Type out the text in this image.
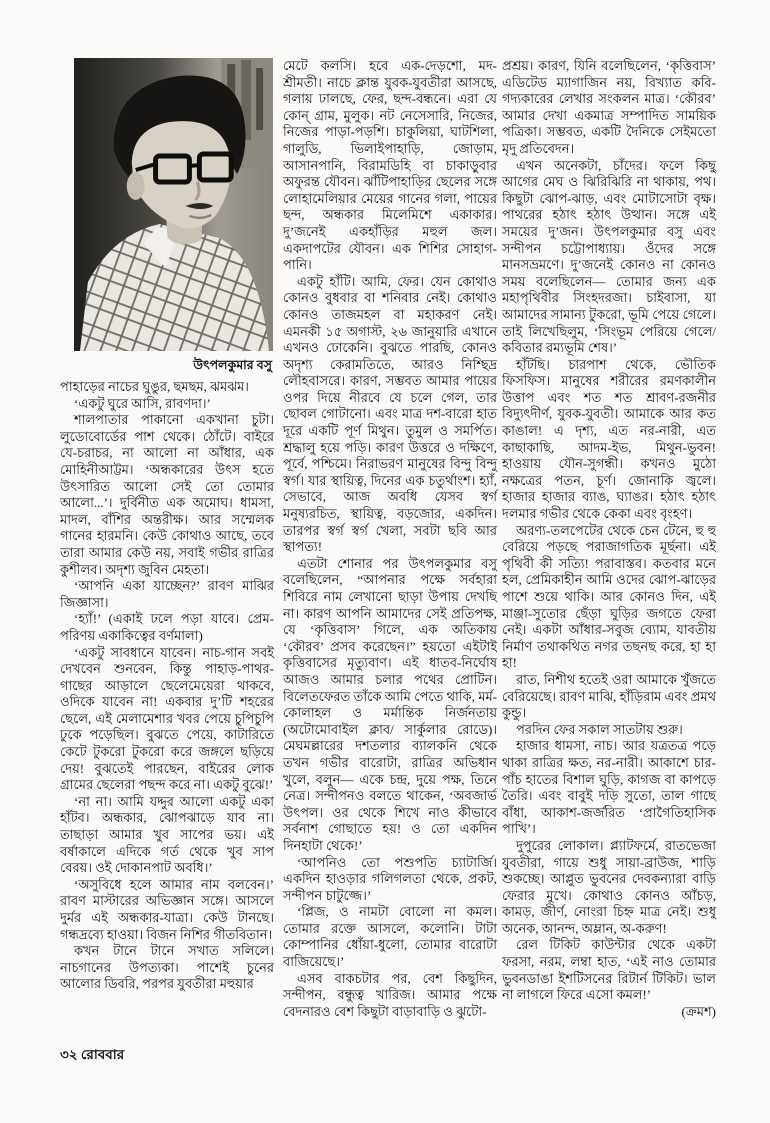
উৎপলকুমার বসু

পাহাড়ের নাচের ঘুঙুর, ছমছম, ঝমঝম।

‘একটু ঘুরে আসি, রাবণদা।’

শালপাতার পাকানো একখানা চুটা। লুডোবোর্ডের পাশ থেকে। ঠোঁটে। বাইরে যে-চরাচর, না আলো না আঁধার, এক মোহিনীআট্টম। ‘অন্ধকারের উৎস হতে উৎসারিত আলো সেই তো তোমার আলো...’। দুর্বিনীত এক অমোঘ। ধামসা, মাদল, বাঁশির অন্তরীক্ষ। আর সম্মেলক গানের হারমনি। কেউ কোথাও আছে, তবে তারা আমার কেউ নয়, সবাই গভীর রাত্রির কুশীলব। অদৃশ্য জুবিন মেহতা।

‘আপনি একা যাচ্ছেন?’ রাবণ মাঝির জিজ্ঞাসা।

‘হ্যাঁ!’ (একাই ঢলে পড়া যাবে। প্রেম-পরিণয় একাকিত্বের বর্ণমালা)

‘একটু সাবধানে যাবেন। নাচ-গান সবই দেখবেন শুনবেন, কিন্তু পাহাড়-পাথর-গাছের আড়ালে ছেলেমেয়েরা থাকবে, ওদিকে যাবেন না! একবার দু’টি শহরের ছেলে, এই মেলামেশার খবর পেয়ে চুপিচুপি ঢুকে পড়েছিল। বুঝতে পেয়ে, কাটারিতে কেটে টুকরো টুকরো করে জঙ্গলে ছড়িয়ে দেয়! বুঝতেই পারছেন, বাইরের লোক গ্রামের ছেলেরা পছন্দ করে না। একটু বুঝে!’

‘না না। আমি যদ্দুর আলো একটু একা হাঁটব। অন্ধকার, ঝোপঝাড়ে যাব না। তাছাড়া আমার খুব সাপের ভয়। এই বর্ষাকালে এদিকে গর্ত থেকে খুব সাপ বেরয়। ওই দোকানপাট অবধি।’

‘অসুবিধে হলে আমার নাম বলবেন।’ রাবণ মাস্টারের অভিজ্ঞান সঙ্গে। আসলে দুর্মর এই অন্ধকার-যাত্রা। কেউ টানছে। গন্ধদ্রব্যে হাওয়া। বিজন নিশির গীতবিতান।

কখন টানে টানে সখাত সলিলে। নাচগানের উপত্যকা। পাশেই চুনের আলোর ডিবরি, পরপর যুবতীরা মহুয়ার

মেটে কলসি। হবে এক-দেড়শো, মদ-শ্রীমতী। নাচে ক্লান্ত যুবক-যুবতীরা আসছে, গলায় ঢালছে, ফের, ছন্দ-বন্ধনে। এরা যে কোন্ গ্রাম, মুলুক। নট নেসেসারি, নিজের, নিজের পাড়া-পড়শি। চাকুলিয়া, ঘাটশিলা, গালুডি, ভিলাইপাহাড়ি, জোড়াম, আসানপানি, বিরামডিহি বা চাকাড়ুবার অফুরন্ত যৌবন। ঝাঁটিপাহাড়ির ছেলের সঙ্গে লোহামেলিয়ার মেয়ের গানের গলা, পায়ের ছন্দ, অন্ধকার মিলেমিশে একাকার। দু’জনেই একহাঁড়ির মহুল জল। একদাপটের যৌবন। এক শিশির সোহাগ-পানি।

একটু হাঁটি। আমি, ফের। যেন কোথাও কোনও বুধবার বা শনিবার নেই। কোথাও কোনও তাজমহল বা মহাকরণ নেই। এমনকী ১৫ অগাস্ট, ২৬ জানুয়ারি এখানে এখনও ঢোকেনি। বুঝতে পারছি, কোনও অদৃশ্য কেরামতিতে, আরও নিশ্ছিদ্র লৌহবাসরে। কারণ, সম্ভবত আমার পায়ের ওপর দিয়ে নীরবে যে চলে গেল, তার ছোবল গোটানো। এবং মাত্র দশ-বারো হাত দূরে একটি পূর্ণ মিথুন। তুমুল ও সমর্পিত। শ্রদ্ধালু হয়ে পড়ি। কারণ উত্তরে ও দক্ষিণে, পূর্বে, পশ্চিমে। নিরাভরণ মানুষের বিন্দু বিন্দু স্বর্গ। যার স্থায়িত্ব, দিনের এক চতুর্থাংশ। হ্যাঁ, সেভাবে, আজ অবধি যেসব স্বর্গ মনুষ্যরচিত, স্থায়িত্ব, বড়জোর, একদিন। তারপর স্বর্গ স্বর্গ খেলা, সবটা ছবি আর স্থাপত্য!

এতটা শোনার পর উৎপলকুমার বসু বলেছিলেন, “আপনার পক্ষে সর্বহারা শিবিরে নাম লেখানো ছাড়া উপায় দেখছি না। কারণ আপনি আমাদের সেই প্রতিপক্ষ, যে ‘কৃত্তিবাস’ গিলে, এক অতিকায় ‘কৌরব’ প্রসব করেছেন।” হয়তো এইটাই কৃত্তিবাসের মৃত্যুবাণ। এই ধাতব-নির্ঘোষ আজও আমার চলার পথের প্রোটিন। বিলেতফেরত তাঁকে আমি পেতে থাকি, মর্ম-কোলাহল ও মর্মান্তিক নির্জনতায় (অটোমোবাইল ক্লাব/ সার্কুলার রোডে)। মেঘমল্লারের দশতলার ব্যালকনি থেকে তখন গভীর বারোটা, রাত্রির অভিধান খুলে, বলুন— একে চন্দ্র, দুয়ে পক্ষ, তিনে নেত্র। সন্দীপনও বলতে থাকেন, ‘অবজার্ভ উৎপল। ওর থেকে শিখে নাও কীভাবে সর্বনাশ গোছাতে হয়! ও তো একদিন দিনহাটা থেকে!’

‘আপনিও তো পশুপতি চ্যাটার্জি। একদিন হাওড়ার গলিগলতা থেকে, প্রকট, সন্দীপন চাটুজ্জে।’

‘প্লিজ, ও নামটা বোলো না কমল। তোমার রক্তে আসলে, কলোনি। টাটা কোম্পানির ধোঁয়া-ধুলো, তোমার বারোটা বাজিয়েছে।’

এসব বাকচটার পর, বেশ কিছুদিন, সন্দীপন, বন্ধুত্ব খারিজ। আমার পক্ষে বেদনারও বেশ কিছুটা বাড়াবাড়ি ও ঝুটো-

প্রশ্রয়। কারণ, যিনি বলেছিলেন, ‘কৃত্তিবাস’ এডিটেড ম্যাগাজিন নয়, বিখ্যাত কবি-গদ্যকারের লেখার সংকলন মাত্র। ‘কৌরব’ আমার দেখা একমাত্র সম্পাদিত সাময়িক পত্রিকা। সম্ভবত, একটি দৈনিকে সেইমতো মৃদু প্রতিবেদন।

এখন অনেকটা, চাঁদের। ফলে কিছু আগের মেঘ ও ঝিরিঝিরি না থাকায়, পথ। কিছুটা ঝোপ-ঝাড়, এবং মোটাসোটা বৃক্ষ। পাথরের হঠাৎ হঠাৎ উত্থান। সঙ্গে এই সময়ের দু’জন। উৎপলকুমার বসু এবং সন্দীপন চট্টোপাধ্যায়। ওঁদের সঙ্গে মানসভ্রমণে। দু’জনেই কোনও না কোনও সময় বলেছিলেন— তোমার জন্য এক মহাপৃথিবীর সিংহদরজা। চাইবাসা, যা আমাদের সামান্য টুকরো, ভূমি পেয়ে গেলে। তাই লিখেছিলুম, ‘সিংভূম পেরিয়ে গেলে/ কবিতার রম্যভূমি শেষ।’

হাঁটছি। চারপাশ থেকে, ভৌতিক ফিসফিস। মানুষের শরীরের রমণকালীন উত্তাপ এবং শত শত শ্রাবণ-রজনীর বিদ্যুৎদীর্ণ, যুবক-যুবতী। আমাকে আর কত কাঙাল! এ দৃশ্য, এত নর-নারী, এত কাছাকাছি, আদম-ইভ, মিথুন-ভুবন! হাওয়ায় যৌন-সুগন্ধী। কখনও মুঠো নক্ষত্রের পতন, চূর্ণ। জোনাকি জ্বলে। হাজার হাজার ব্যাঙ, ঘ্যাঙর। হঠাৎ হঠাৎ দলমার গভীর থেকে কেকা এবং বৃংহণ।

অরণ্য-তলপেটের থেকে চেন টেনে, হু হু বেরিয়ে পড়ছে পরাজাগতিক মূর্ছনা। এই পৃথিবী কী সত্যি! পরাবাস্তব। কতবার মনে হল, প্রেমিকাহীন আমি ওদের ঝোপ-ঝাড়ের পাশে শুয়ে থাকি। আর কোনও দিন, এই মাঞ্জা-সুতোর ছেঁড়া ঘুড়ির জগতে ফেরা নেই। একটা আঁধার-সবুজ ব্যোম, যাবতীয় নির্মাণ তথাকথিত নগর তছনছ করে, হা হা হা!

রাত, নিশীথ হতেই ওরা আমাকে খুঁজতে বেরিয়েছে। রাবণ মাঝি, হাঁড়িরাম এবং প্রমথ কুন্ডু।

পরদিন ফের সকাল সাতটায় শুরু।

হাজার ধামসা, নাচ। আর যত্রতত্র পড়ে থাকা রাত্রির ক্ষত, নর-নারী। আকাশে চার-পাঁচ হাতের বিশাল ঘুড়ি, কাগজ বা কাপড়ে তৈরি। এবং বাবুই দড়ি সুতো, তাল গাছে বাঁধা, আকাশ-জর্জরিত ‘প্রাগৈতিহাসিক পাখি’।

দুপুরের লোকাল। প্ল্যাটফর্মে, রাতভেজা যুবতীরা, গায়ে শুধু সায়া-ব্রাউজ, শাড়ি শুকচ্ছে। আপ্লুত ভুবনের দেবকন্যারা বাড়ি ফেরার মুখে। কোথাও কোনও আঁচড়, কামড়, জীর্ণ, নোংরা চিহ্ন মাত্র নেই। শুধু অনেক, আনন্দ, অম্লান, অ-করুণ!

রেল টিকিট কাউন্টার থেকে একটা ফরসা, নরম, লম্বা হাত, ‘এই নাও তোমার ভুবনডাঙা ইশটিসনের রিটার্ন টিকিট। ভাল না লাগলে ফিরে এসো কমল!’

(ক্রমশ)

৩২ রোববার
